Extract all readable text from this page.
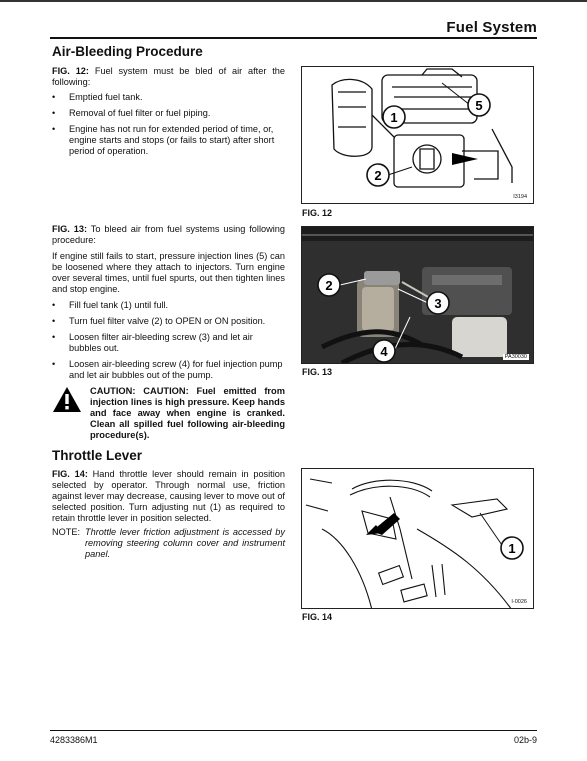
Fuel System
Air-Bleeding Procedure

FIG. 12: Fuel system must be bled of air after the following:

• Emptied fuel tank.
• Removal of fuel filter or fuel piping.
• Engine has not run for extended period of time, or, engine starts and stops (or fails to start) after short period of operation.

FIG. 13: To bleed air from fuel systems using following procedure:

If engine still fails to start, pressure injection lines (5) can be loosened where they attach to injectors. Turn engine over several times, until fuel spurts, out then tighten lines and stop engine.

• Fill fuel tank (1) until full.
• Turn fuel filter valve (2) to OPEN or ON position.
• Loosen filter air-bleeding screw (3) and let air bubbles out.
• Loosen air-bleeding screw (4) for fuel injection pump and let air bubbles out of the pump.
CAUTION: CAUTION: Fuel emitted from injection lines is high pressure. Keep hands and face away when engine is cranked. Clean all spilled fuel following air-bleeding procedure(s).
Throttle Lever

FIG. 14: Hand throttle lever should remain in position selected by operator. Through normal use, friction against lever may decrease, causing lever to move out of selected position. Turn adjusting nut (1) as required to retain throttle lever in position selected.

NOTE: Throttle lever friction adjustment is accessed by removing steering column cover and instrument panel.
1
5
2
I3194
FIG. 12
2
3
4	PA30030
FIG. 13
1
I-0026
FIG. 14
4283386M1	02b-9
